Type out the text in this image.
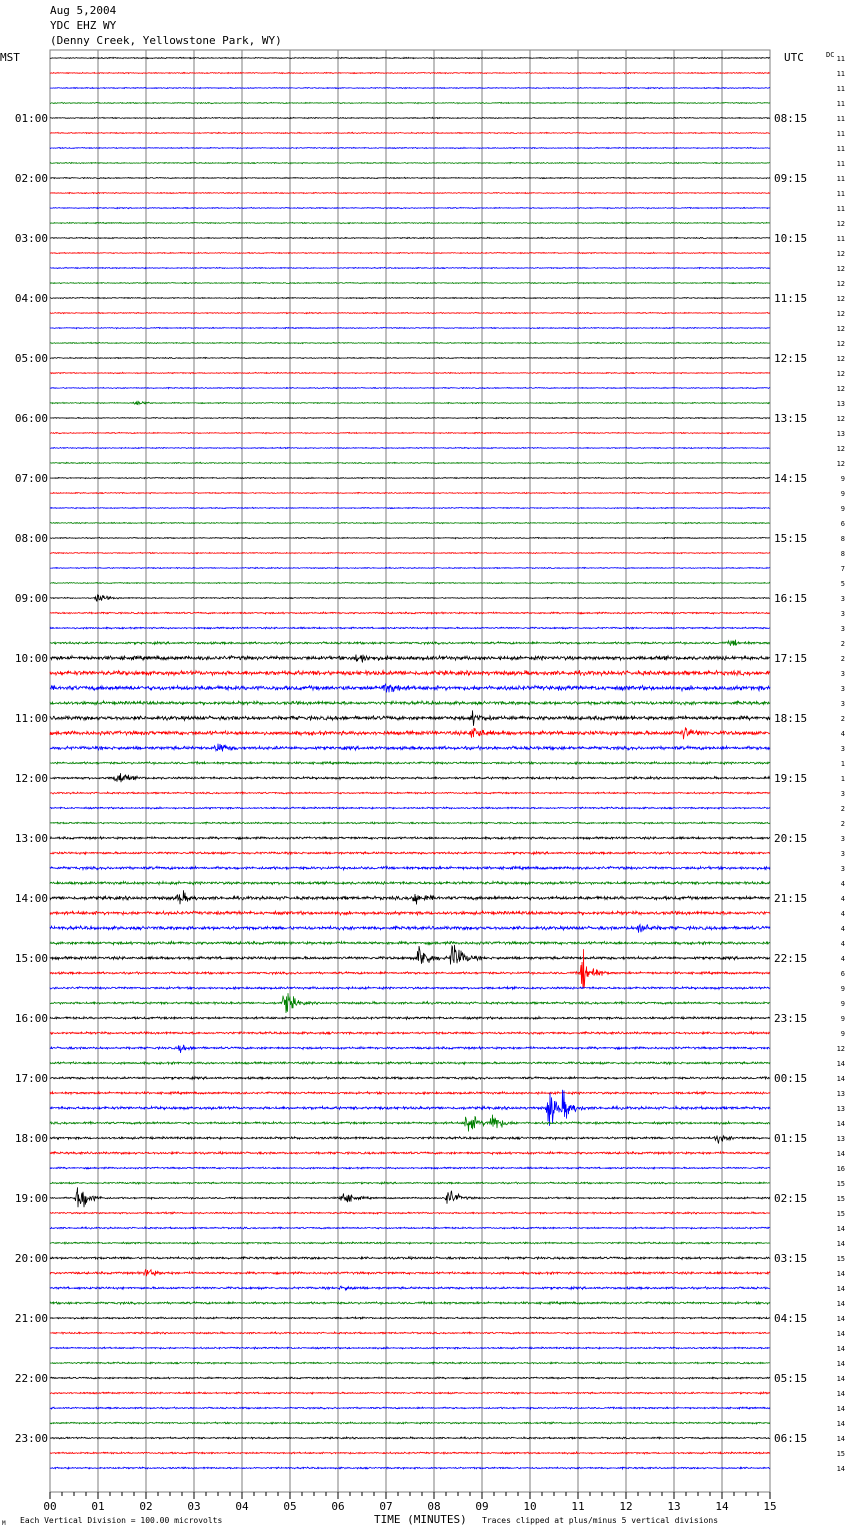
Aug 5,2004
YDC EHZ WY
(Denny Creek, Yellowstone Park, WY)
MST	UTC	DC
01:00
02:00
03:00
04:00
05:00
06:00
07:00
08:00
09:00
10:00
11:00
12:00
13:00
14:00
15:00
16:00
17:00
18:00
19:00
20:00
21:00
22:00
23:00
08:15
09:15
10:15
11:15
12:15
13:15
14:15
15:15
16:15
17:15
18:15
19:15
20:15
21:15
22:15
23:15
00:15
01:15
02:15
03:15
04:15
05:15
06:15
11
11
11
11
11
11
11
11
11
11
11
12
11
12
12
12
12
12
12
12
12
12
12
13
12
13
12
12
9
9
9
6
8
8
7
5
3
3
3
2
2
3
3
3
2
4
3
1
1
3
2
2
3
3
3
4
4
4
4
4
4
6
9
9
9
9
12
14
14
13
13
14
13
14
16
15
15
15
14
14
15
14
14
14
14
14
14
14
14
14
14
14
14
15
14
00	01	02	03	04	05	06	07	08	09	10	11	12	13	14	15
TIME (MINUTES)
Each Vertical Division = 100.00 microvolts	Traces clipped at plus/minus 5 vertical divisions
M
